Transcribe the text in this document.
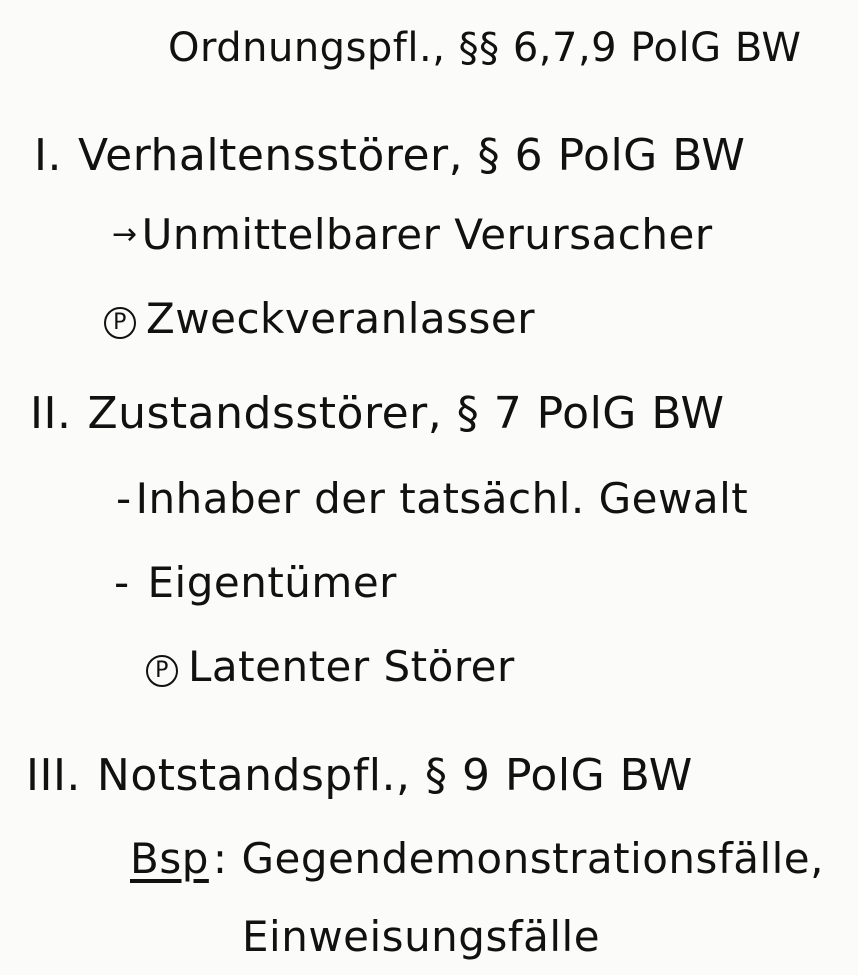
Ordnungspfl., §§ 6,7,9 PolG BW
I. Verhaltensstörer, § 6 PolG BW
→Unmittelbarer Verursacher
P Zweckveranlasser
II. Zustandsstörer, § 7 PolG BW
-Inhaber der tatsächl. Gewalt
- Eigentümer
P Latenter Störer
III. Notstandspfl., § 9 PolG BW
Bsp: Gegendemonstrationsfälle,
Einweisungsfälle
